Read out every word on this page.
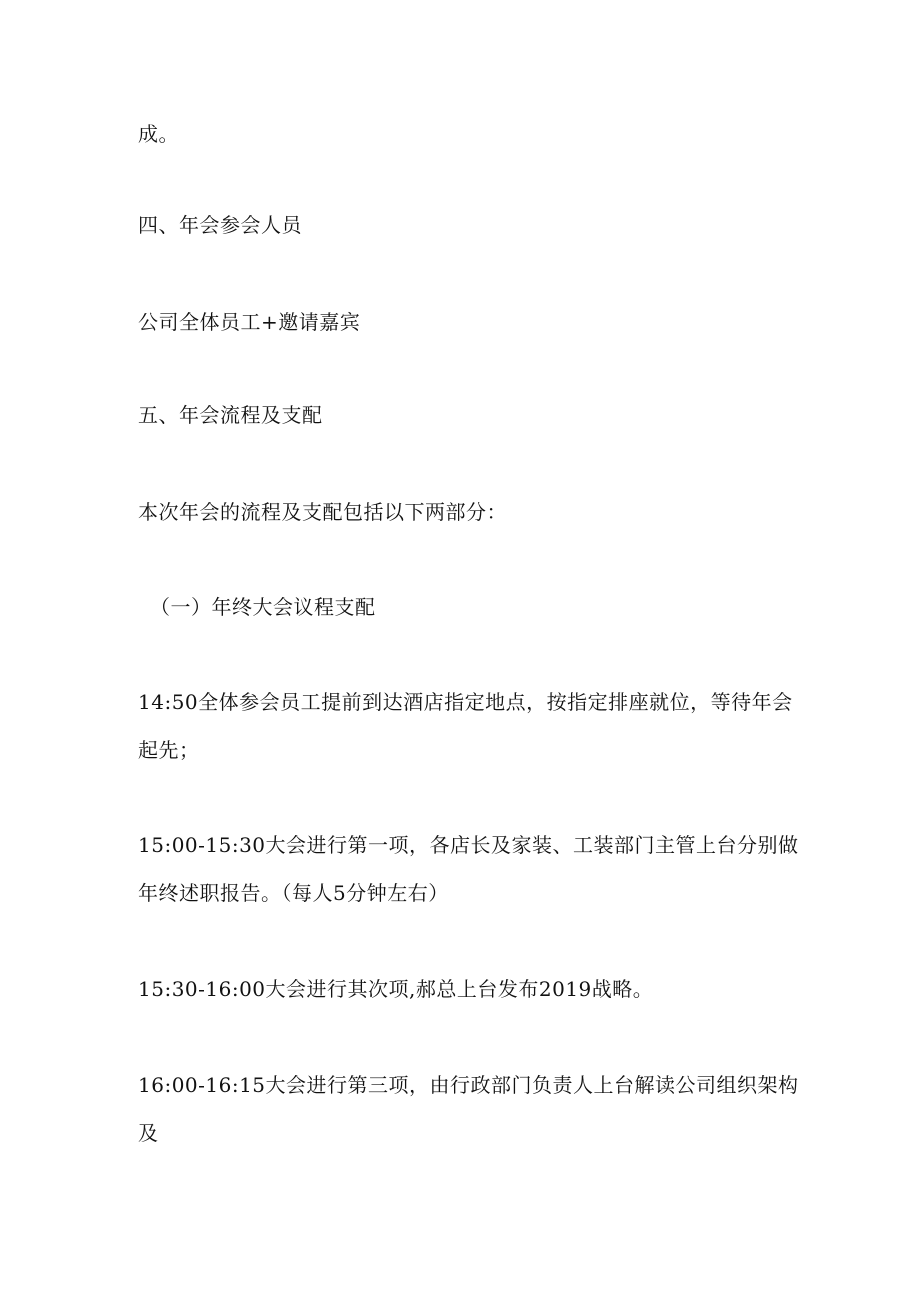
成。
四、年会参会人员
公司全体员工+邀请嘉宾
五、年会流程及支配
本次年会的流程及支配包括以下两部分：
（一）年终大会议程支配
14:50全体参会员工提前到达酒店指定地点，按指定排座就位，等待年会
起先；
15:00-15:30大会进行第一项，各店长及家装、工装部门主管上台分别做
年终述职报告。（每人5分钟左右）
15:30-16:00大会进行其次项,郝总上台发布2019战略。
16:00-16:15大会进行第三项，由行政部门负责人上台解读公司组织架构
及
